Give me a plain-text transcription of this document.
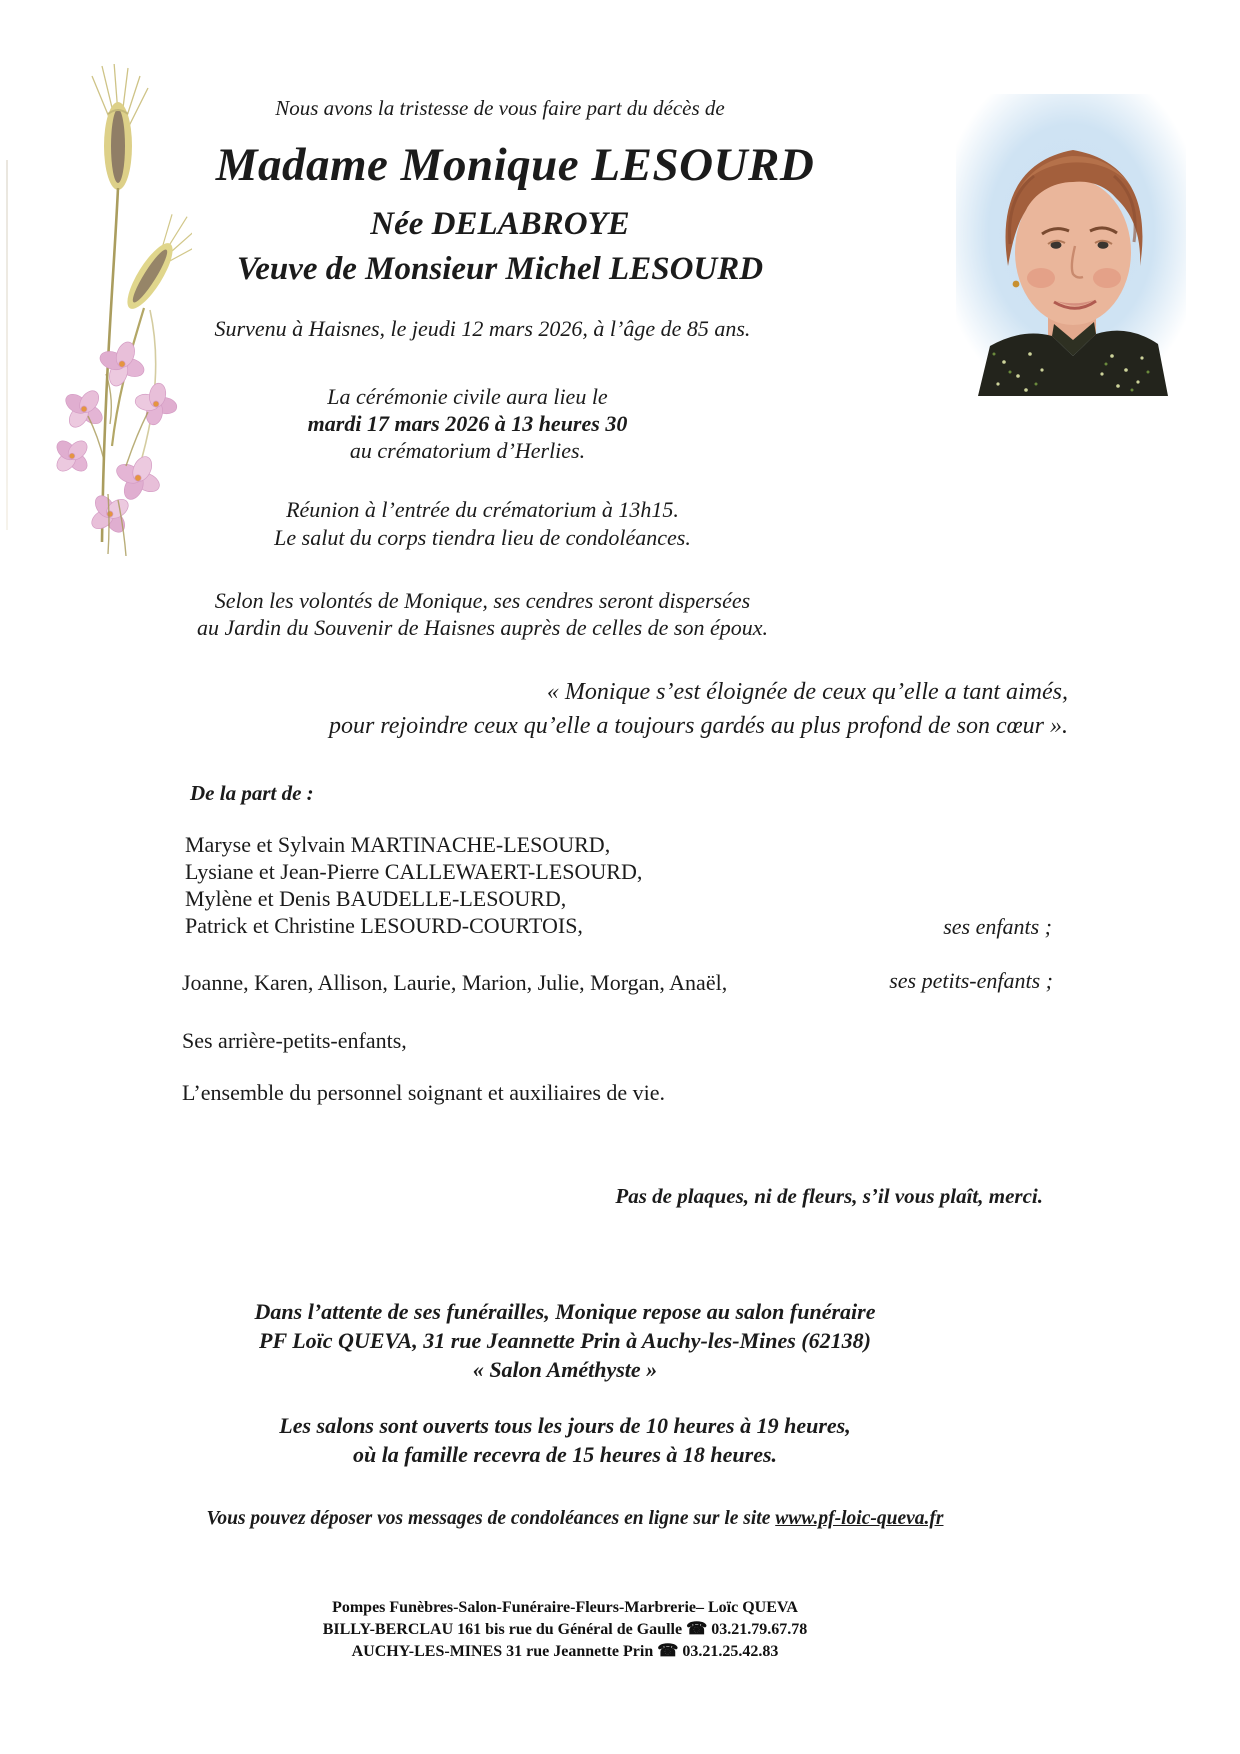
Nous avons la tristesse de vous faire part du décès de
Madame Monique LESOURD
Née DELABROYE
Veuve de Monsieur Michel LESOURD
Survenu à Haisnes, le jeudi 12 mars 2026, à l’âge de 85 ans.
La cérémonie civile aura lieu le
mardi 17 mars 2026 à 13 heures 30
au crématorium d’Herlies.
Réunion à l’entrée du crématorium à 13h15.
Le salut du corps tiendra lieu de condoléances.
Selon les volontés de Monique, ses cendres seront dispersées
au Jardin du Souvenir de Haisnes auprès de celles de son époux.
« Monique s’est éloignée de ceux qu’elle a tant aimés,
pour rejoindre ceux qu’elle a toujours gardés au plus profond de son cœur ».
De la part de :
Maryse et Sylvain MARTINACHE-LESOURD,
Lysiane et Jean-Pierre CALLEWAERT-LESOURD,
Mylène et Denis BAUDELLE-LESOURD,
Patrick et Christine LESOURD-COURTOIS,	ses enfants ;
Joanne, Karen, Allison, Laurie, Marion, Julie, Morgan, Anaël,	ses petits-enfants ;
Ses arrière-petits-enfants,
L’ensemble du personnel soignant et auxiliaires de vie.
Pas de plaques, ni de fleurs, s’il vous plaît, merci.
Dans l’attente de ses funérailles, Monique repose au salon funéraire
PF Loïc QUEVA, 31 rue Jeannette Prin à Auchy-les-Mines (62138)
« Salon Améthyste »
Les salons sont ouverts tous les jours de 10 heures à 19 heures,
où la famille recevra de 15 heures à 18 heures.
Vous pouvez déposer vos messages de condoléances en ligne sur le site www.pf-loic-queva.fr
Pompes Funèbres-Salon-Funéraire-Fleurs-Marbrerie– Loïc QUEVA
BILLY-BERCLAU 161 bis rue du Général de Gaulle ☎ 03.21.79.67.78
AUCHY-LES-MINES 31 rue Jeannette Prin ☎ 03.21.25.42.83
